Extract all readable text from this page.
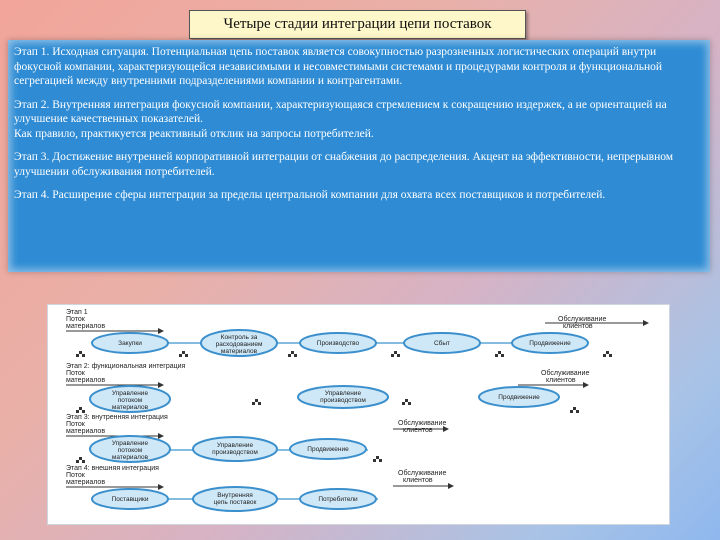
Четыре стадии интеграции цепи поставок

Этап 1. Исходная ситуация. Потенциальная цепь поставок является совокупностью разрозненных логистических операций внутри фокусной компании, характеризующейся независимыми и несовместимыми системами и процедурами контроля и функциональной сегрегацией между внутренними подразделениями компании и контрагентами.

Этап 2. Внутренняя интеграция фокусной компании, характеризующаяся стремлением к сокращению издержек, а не ориентацией на улучшение качественных показателей.
Как правило, практикуется реактивный отклик на запросы потребителей.

Этап 3. Достижение внутренней корпоративной интеграции от снабжения до распределения. Акцент на эффективности, непрерывном улучшении обслуживания потребителей.

Этап 4. Расширение сферы интеграции за пределы центральной компании для охвата всех поставщиков и потребителей.

Этап 1
Поток
материалов
Обслуживание
клиентов
Закупки
Контроль за расходованием материалов
Производство	Сбыт	Продвижение
Этап 2: функциональная интеграция
Поток
материалов
Обслуживание
клиентов
Управление потоком материалов
Управление производством	Продвижение
Этап 3: внутренняя интеграция
Поток
материалов
Обслуживание
клиентов
Управление потоком материалов
Управление производством	Продвижение
Этап 4: внешняя интеграция
Поток
материалов
Обслуживание
клиентов
Поставщики
Внутренняя цепь поставок	Потребители
